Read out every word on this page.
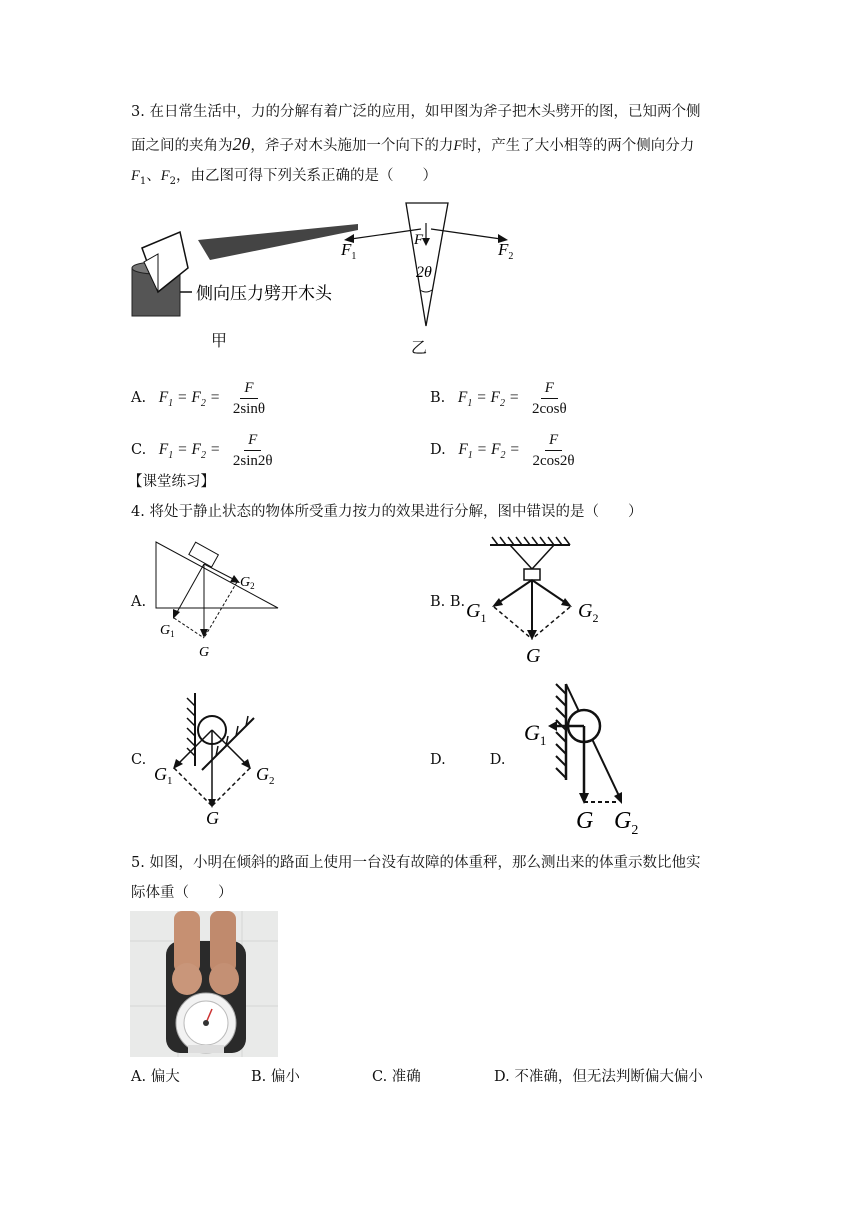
3. 在日常生活中，力的分解有着广泛的应用，如甲图为斧子把木头劈开的图，已知两个侧
面之间的夹角为2θ，斧子对木头施加一个向下的力F时，产生了大小相等的两个侧向分力
$F_1$、$F_2$，由乙图可得下列关系正确的是（　　）
侧向压力劈开木头
甲
$F_1$	$F_2$
F
2θ
乙
A. $F_1 = F_2 = \frac{F}{2\sin\theta}$	B. $F_1 = F_2 = \frac{F}{2\cos\theta}$
C. $F_1 = F_2 = \frac{F}{2\sin 2\theta}$	D. $F_1 = F_2 = \frac{F}{2\cos 2\theta}$
【课堂练习】
4. 将处于静止状态的物体所受重力按力的效果进行分解，图中错误的是（　　）
A.
$G_2$
$G_1$
G
B. B. $G_1$	$G_2$
G
C.
$G_1$	$G_2$
G
D.	D.
$G_1$
G $G_2$
5. 如图，小明在倾斜的路面上使用一台没有故障的体重秤，那么测出来的体重示数比他实
际体重（　　）
A. 偏大	B. 偏小	C. 准确	D. 不准确，但无法判断偏大偏小
